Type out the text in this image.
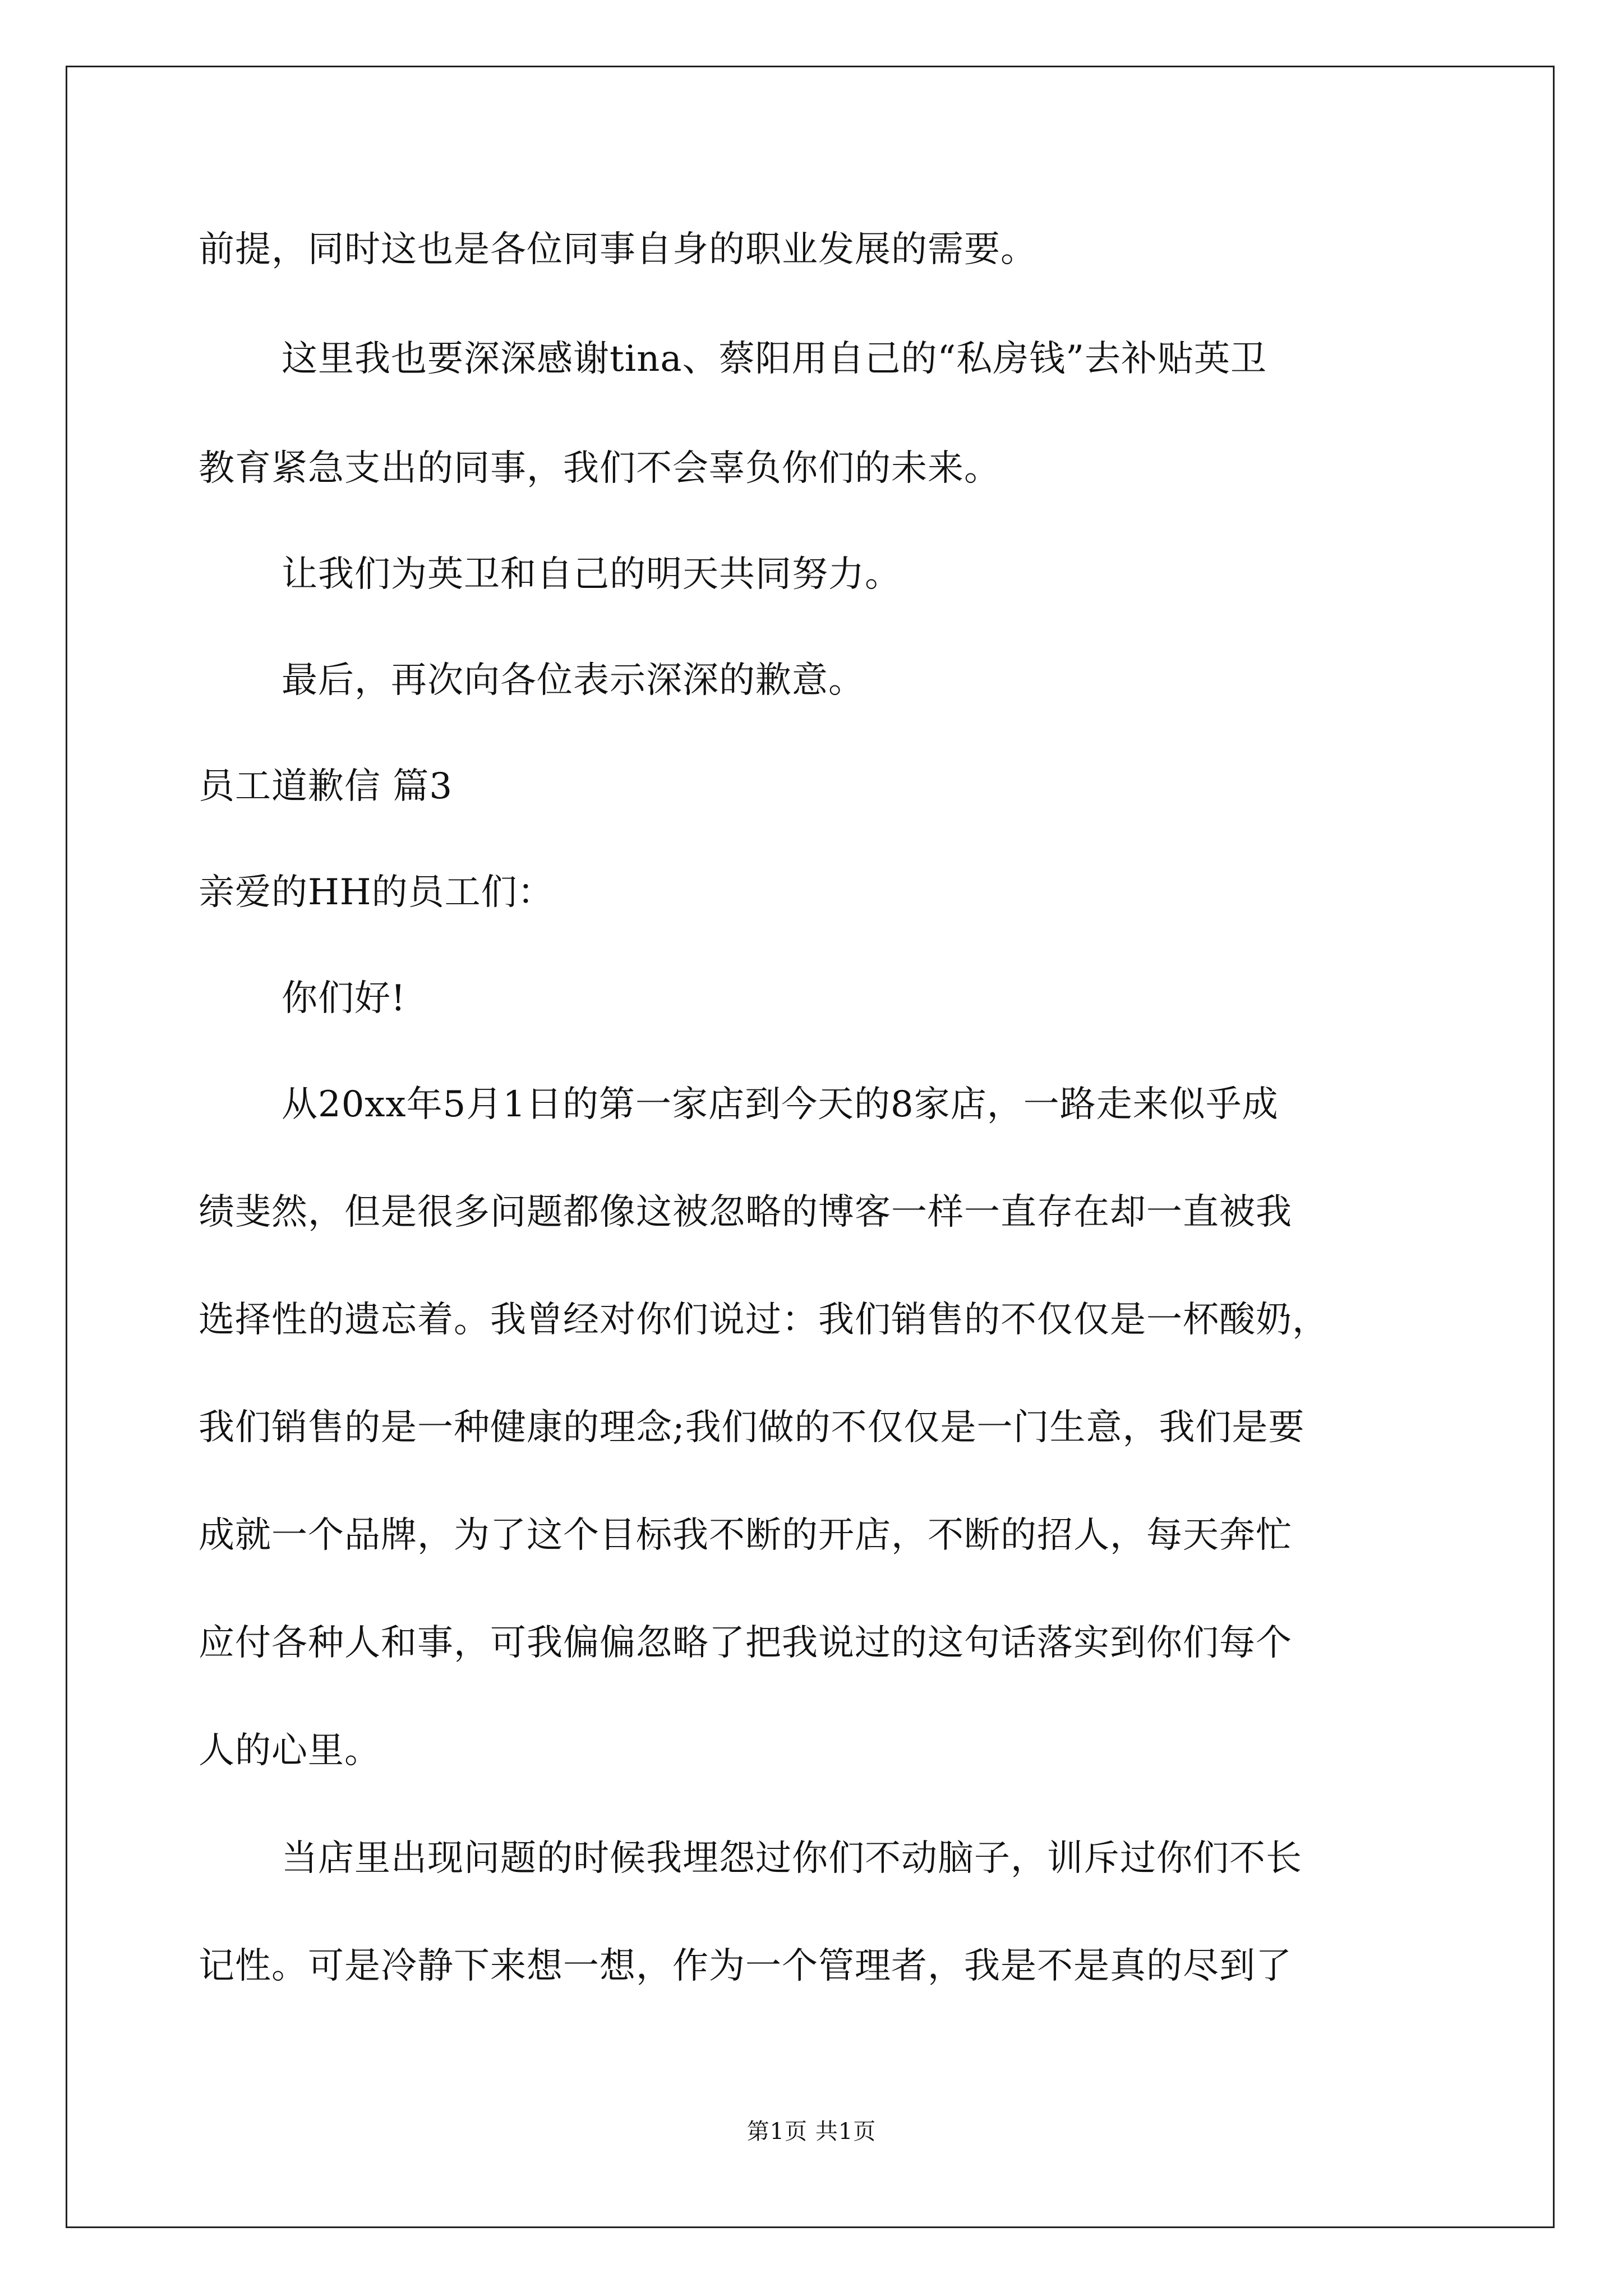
前提，同时这也是各位同事自身的职业发展的需要。
这里我也要深深感谢tina、蔡阳用自己的“私房钱”去补贴英卫
教育紧急支出的同事，我们不会辜负你们的未来。
让我们为英卫和自己的明天共同努力。
最后，再次向各位表示深深的歉意。
员工道歉信 篇3
亲爱的HH的员工们：
你们好!
从20xx年5月1日的第一家店到今天的8家店，一路走来似乎成
绩斐然，但是很多问题都像这被忽略的博客一样一直存在却一直被我
选择性的遗忘着。我曾经对你们说过：我们销售的不仅仅是一杯酸奶，
我们销售的是一种健康的理念;我们做的不仅仅是一门生意，我们是要
成就一个品牌，为了这个目标我不断的开店，不断的招人，每天奔忙
应付各种人和事，可我偏偏忽略了把我说过的这句话落实到你们每个
人的心里。
当店里出现问题的时候我埋怨过你们不动脑子，训斥过你们不长
记性。可是冷静下来想一想，作为一个管理者，我是不是真的尽到了
第1页 共1页
